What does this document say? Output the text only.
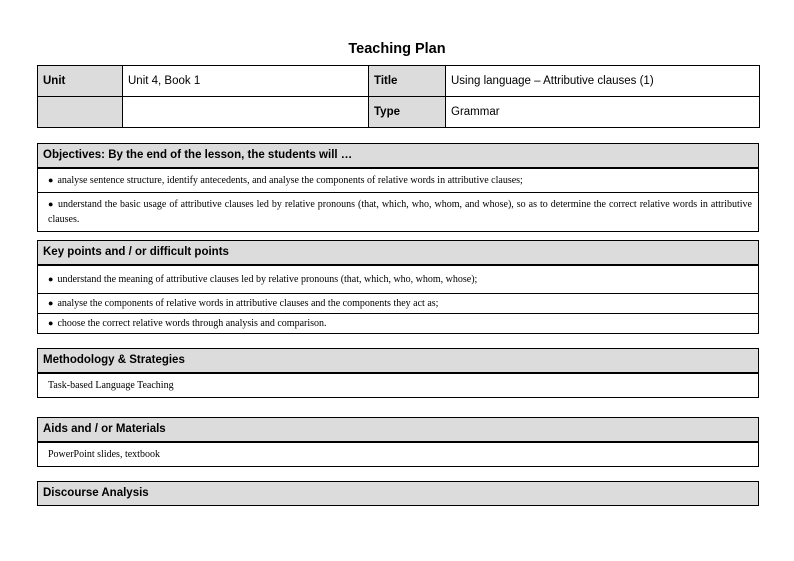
Teaching Plan
Unit	Unit 4, Book 1	Title	Using language – Attributive clauses (1)
		Type	Grammar
Objectives: By the end of the lesson, the students will …
● analyse sentence structure, identify antecedents, and analyse the components of relative words in attributive clauses;
● understand the basic usage of attributive clauses led by relative pronouns (that, which, who, whom, and whose), so as to determine the correct relative words in attributive clauses.
Key points and / or difficult points
● understand the meaning of attributive clauses led by relative pronouns (that, which, who, whom, whose);
● analyse the components of relative words in attributive clauses and the components they act as;
● choose the correct relative words through analysis and comparison.
Methodology & Strategies
Task-based Language Teaching
Aids and / or Materials
PowerPoint slides, textbook
Discourse Analysis
